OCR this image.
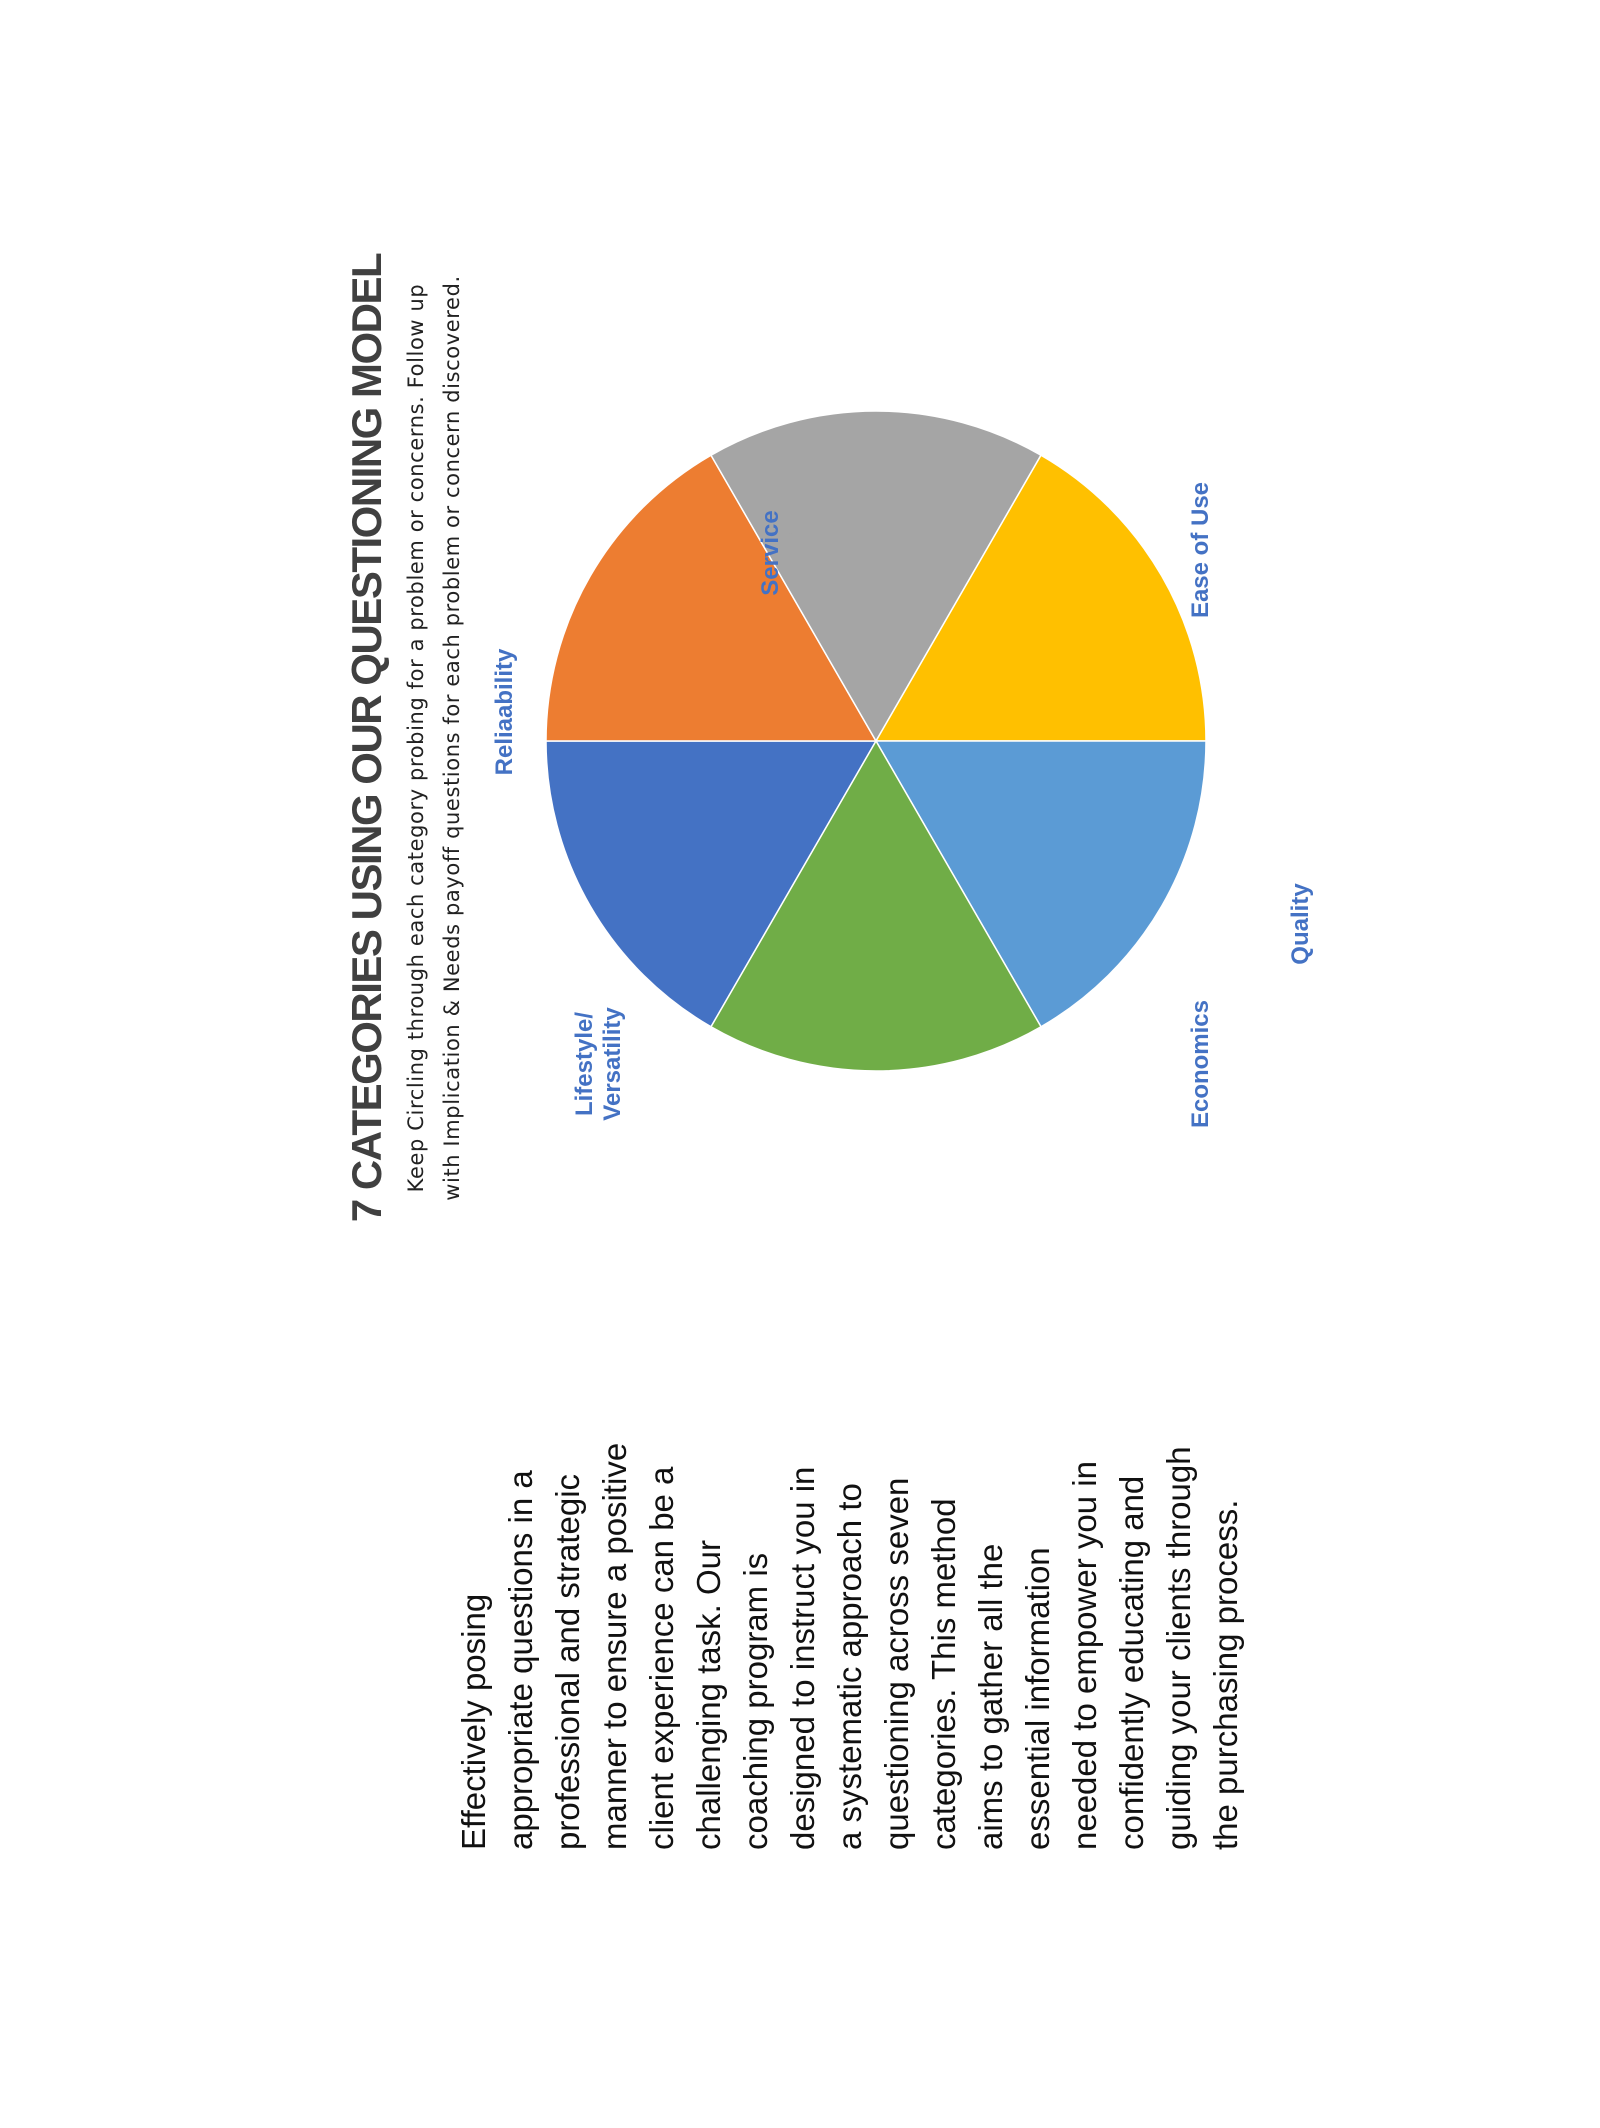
7 CATEGORIES USING OUR QUESTIONING MODEL Keep Circling through each category probing for a problem or concerns. Follow up with Implication & Needs payoff questions for each problem or concern discovered.	Lifestyle/Versatility
Reliaability
Service	Ease of Use
Quality
Economics
Effectively posing appropriate questions in a professional and strategic manner to ensure a positive client experience can be a challenging task. Our coaching program is designed to instruct you in a systematic approach to questioning across seven categories. This method aims to gather all the essential information needed to empower you in confidently educating and guiding your clients through the purchasing process.
